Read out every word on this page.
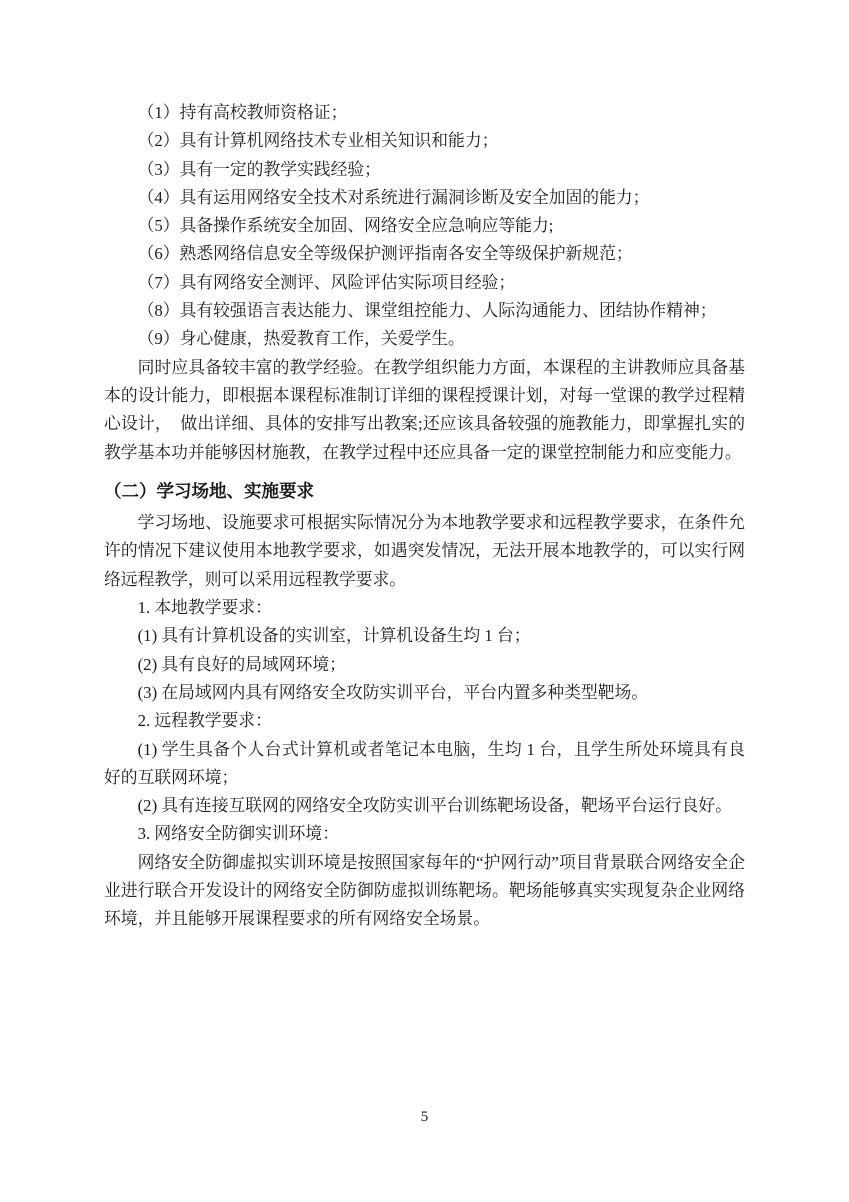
（1）持有高校教师资格证；

（2）具有计算机网络技术专业相关知识和能力；

（3）具有一定的教学实践经验；

（4）具有运用网络安全技术对系统进行漏洞诊断及安全加固的能力；

（5）具备操作系统安全加固、网络安全应急响应等能力;

（6）熟悉网络信息安全等级保护测评指南各安全等级保护新规范；

（7）具有网络安全测评、风险评估实际项目经验；

（8）具有较强语言表达能力、课堂组控能力、人际沟通能力、团结协作精神；

（9）身心健康，热爱教育工作，关爱学生。

同时应具备较丰富的教学经验。在教学组织能力方面，本课程的主讲教师应具备基本的设计能力，即根据本课程标准制订详细的课程授课计划，对每一堂课的教学过程精心设计，　做出详细、具体的安排写出教案;还应该具备较强的施教能力，即掌握扎实的教学基本功并能够因材施教，在教学过程中还应具备一定的课堂控制能力和应变能力。

（二）学习场地、实施要求

学习场地、设施要求可根据实际情况分为本地教学要求和远程教学要求，在条件允许的情况下建议使用本地教学要求，如遇突发情况，无法开展本地教学的，可以实行网络远程教学，则可以采用远程教学要求。

1. 本地教学要求：

(1) 具有计算机设备的实训室，计算机设备生均 1 台；

(2) 具有良好的局域网环境；

(3) 在局域网内具有网络安全攻防实训平台，平台内置多种类型靶场。

2. 远程教学要求：

(1) 学生具备个人台式计算机或者笔记本电脑，生均 1 台，且学生所处环境具有良好的互联网环境；

(2) 具有连接互联网的网络安全攻防实训平台训练靶场设备，靶场平台运行良好。

3. 网络安全防御实训环境：

网络安全防御虚拟实训环境是按照国家每年的“护网行动”项目背景联合网络安全企业进行联合开发设计的网络安全防御防虚拟训练靶场。靶场能够真实实现复杂企业网络环境，并且能够开展课程要求的所有网络安全场景。

5
